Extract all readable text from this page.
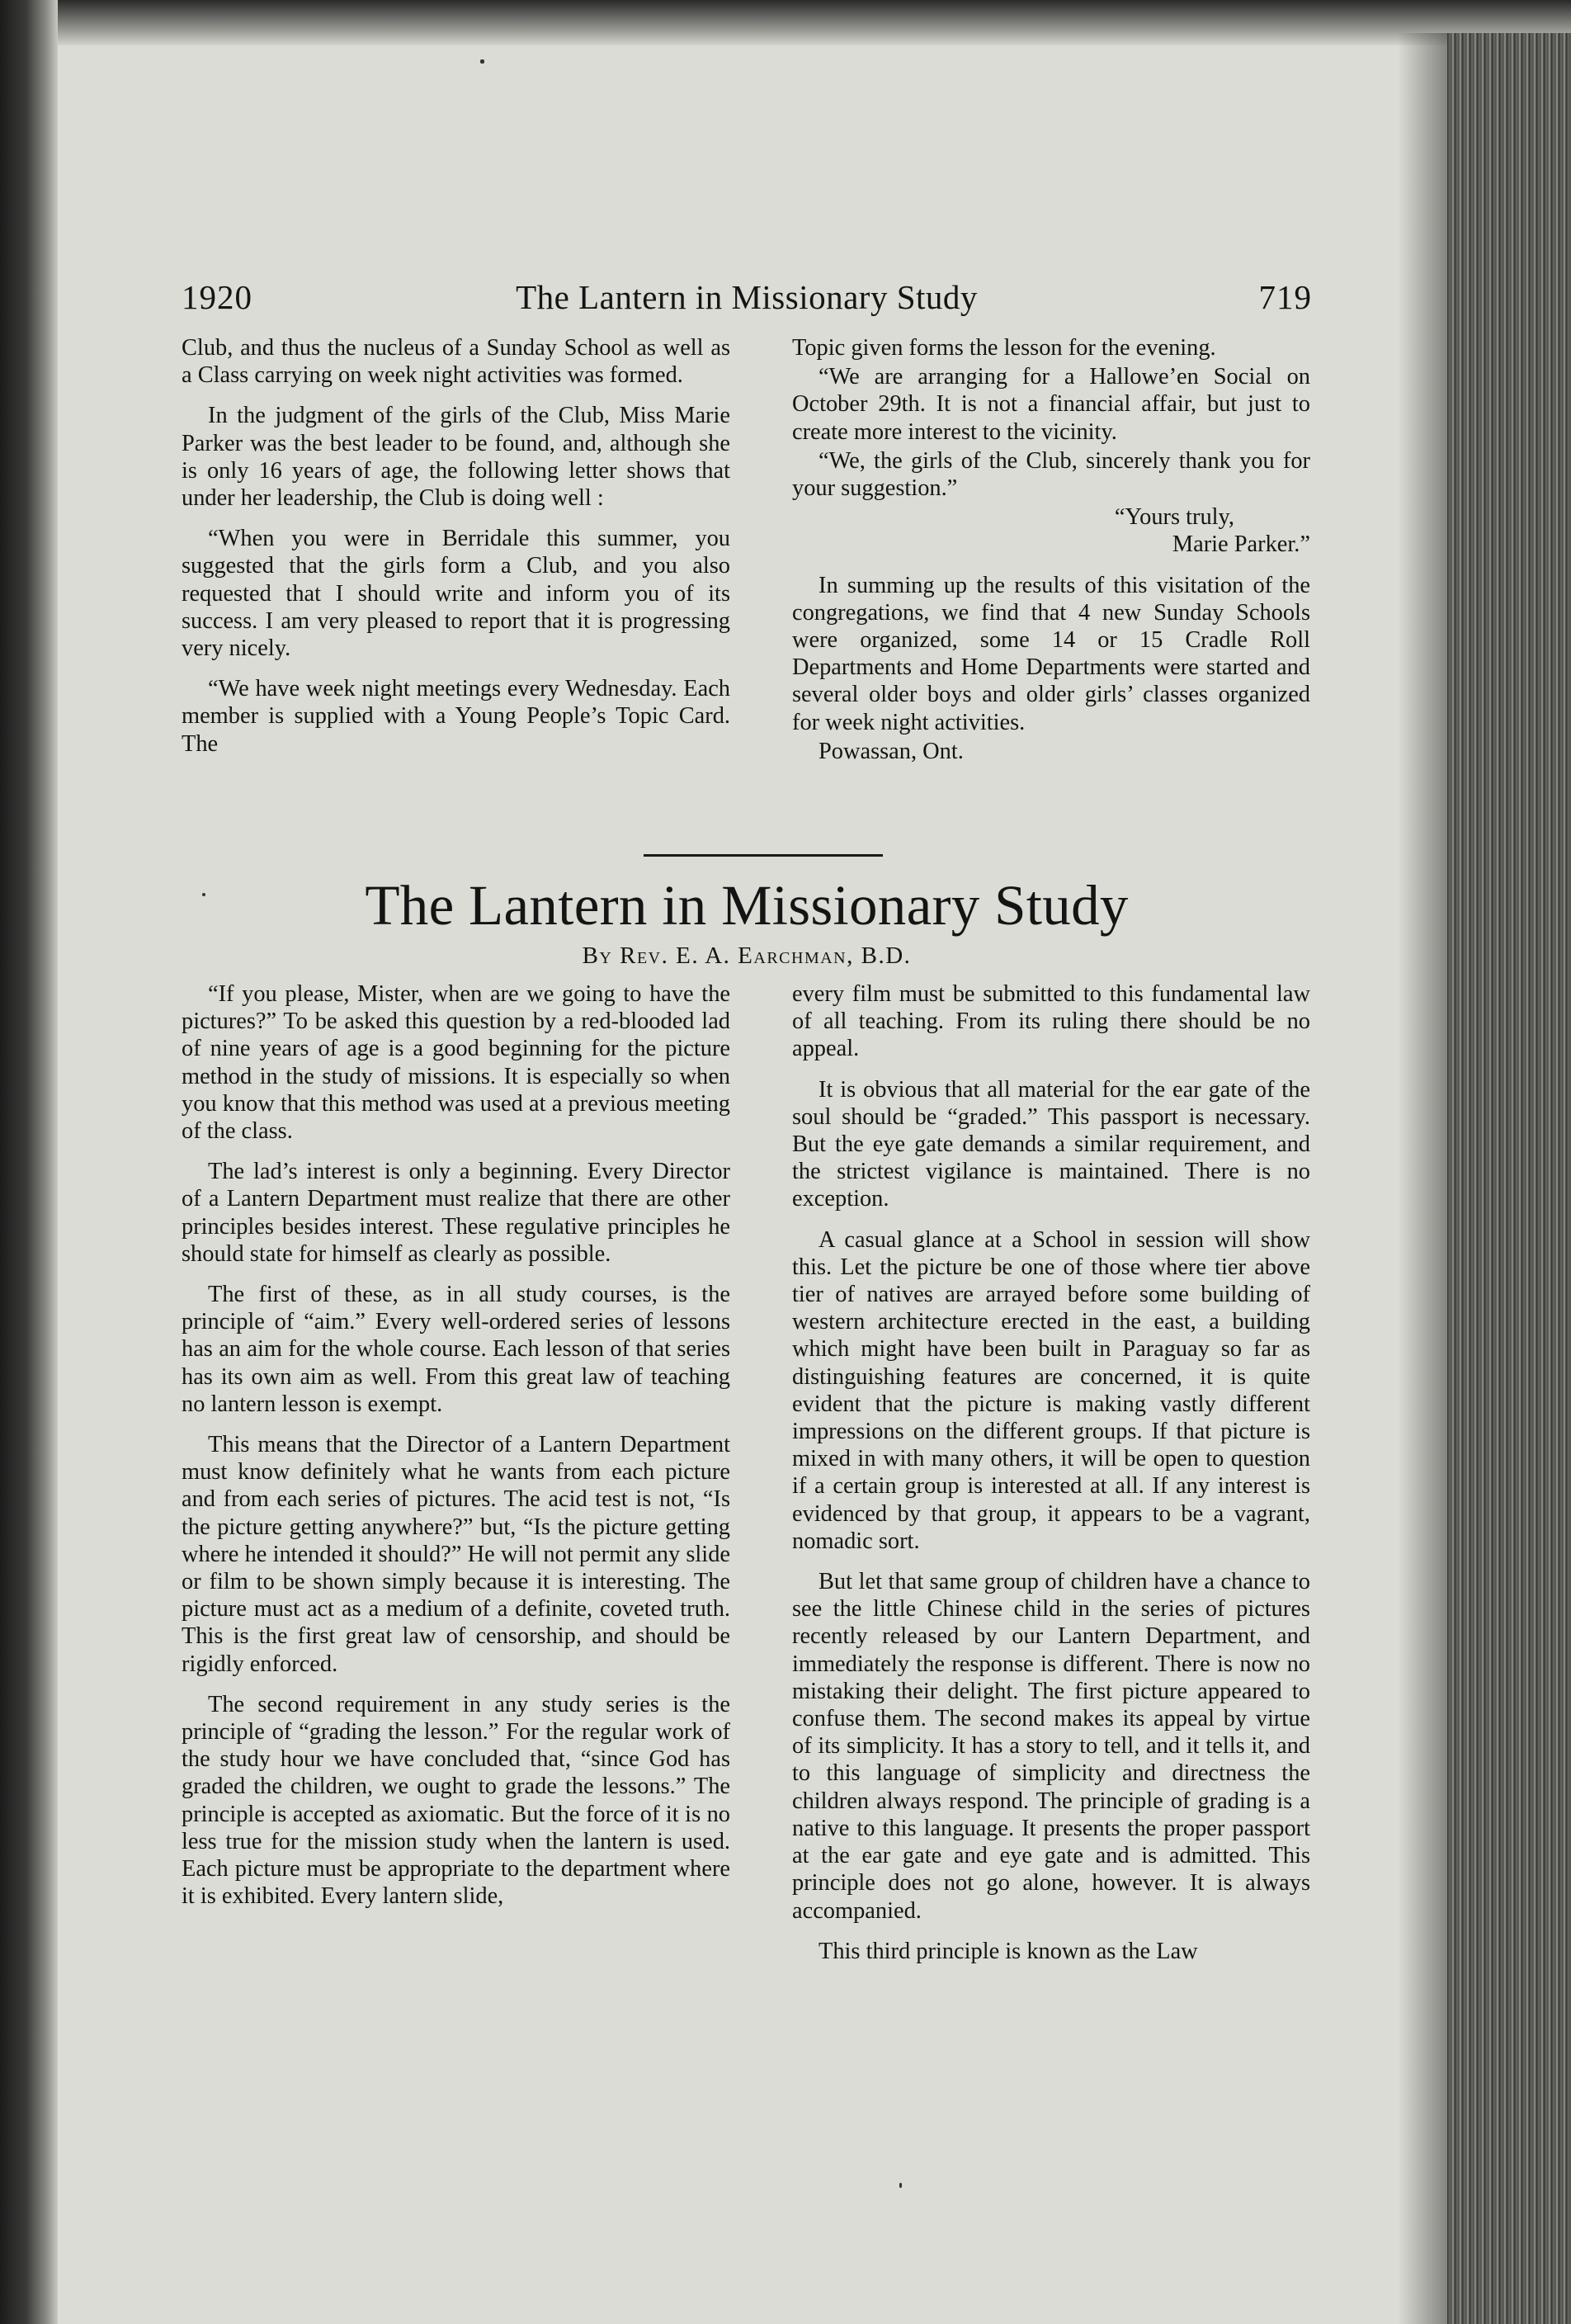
1920	The Lantern in Missionary Study	719

Club, and thus the nucleus of a Sunday School as well as a Class carrying on week night activities was formed.

In the judgment of the girls of the Club, Miss Marie Parker was the best leader to be found, and, although she is only 16 years of age, the following letter shows that under her leadership, the Club is doing well :

“When you were in Berridale this summer, you suggested that the girls form a Club, and you also requested that I should write and inform you of its success. I am very pleased to report that it is progressing very nicely.

“We have week night meetings every Wednesday. Each member is supplied with a Young People’s Topic Card. The

Topic given forms the lesson for the evening.

“We are arranging for a Hallowe’en Social on October 29th. It is not a financial affair, but just to create more interest to the vicinity.

“We, the girls of the Club, sincerely thank you for your suggestion.”

“Yours truly,

Marie Parker.”

In summing up the results of this visitation of the congregations, we find that 4 new Sunday Schools were organized, some 14 or 15 Cradle Roll Departments and Home Departments were started and several older boys and older girls’ classes organized for week night activities.

Powassan, Ont.

The Lantern in Missionary Study
By Rev. E. A. Earchman, B.D.

“If you please, Mister, when are we going to have the pictures?” To be asked this question by a red-blooded lad of nine years of age is a good beginning for the picture method in the study of missions. It is especially so when you know that this method was used at a previous meeting of the class.

The lad’s interest is only a beginning. Every Director of a Lantern Department must realize that there are other principles besides interest. These regulative principles he should state for himself as clearly as possible.

The first of these, as in all study courses, is the principle of “aim.” Every well-ordered series of lessons has an aim for the whole course. Each lesson of that series has its own aim as well. From this great law of teaching no lantern lesson is exempt.

This means that the Director of a Lantern Department must know definitely what he wants from each picture and from each series of pictures. The acid test is not, “Is the picture getting anywhere?” but, “Is the picture getting where he intended it should?” He will not permit any slide or film to be shown simply because it is interesting. The picture must act as a medium of a definite, coveted truth. This is the first great law of censorship, and should be rigidly enforced.

The second requirement in any study series is the principle of “grading the lesson.” For the regular work of the study hour we have concluded that, “since God has graded the children, we ought to grade the lessons.” The principle is accepted as axiomatic. But the force of it is no less true for the mission study when the lantern is used. Each picture must be appropriate to the department where it is exhibited. Every lantern slide,

every film must be submitted to this fundamental law of all teaching. From its ruling there should be no appeal.

It is obvious that all material for the ear gate of the soul should be “graded.” This passport is necessary. But the eye gate demands a similar requirement, and the strictest vigilance is maintained. There is no exception.

A casual glance at a School in session will show this. Let the picture be one of those where tier above tier of natives are arrayed before some building of western architecture erected in the east, a building which might have been built in Paraguay so far as distinguishing features are concerned, it is quite evident that the picture is making vastly different impressions on the different groups. If that picture is mixed in with many others, it will be open to question if a certain group is interested at all. If any interest is evidenced by that group, it appears to be a vagrant, nomadic sort.

But let that same group of children have a chance to see the little Chinese child in the series of pictures recently released by our Lantern Department, and immediately the response is different. There is now no mistaking their delight. The first picture appeared to confuse them. The second makes its appeal by virtue of its simplicity. It has a story to tell, and it tells it, and to this language of simplicity and directness the children always respond. The principle of grading is a native to this language. It presents the proper passport at the ear gate and eye gate and is admitted. This principle does not go alone, however. It is always accompanied.

This third principle is known as the Law
